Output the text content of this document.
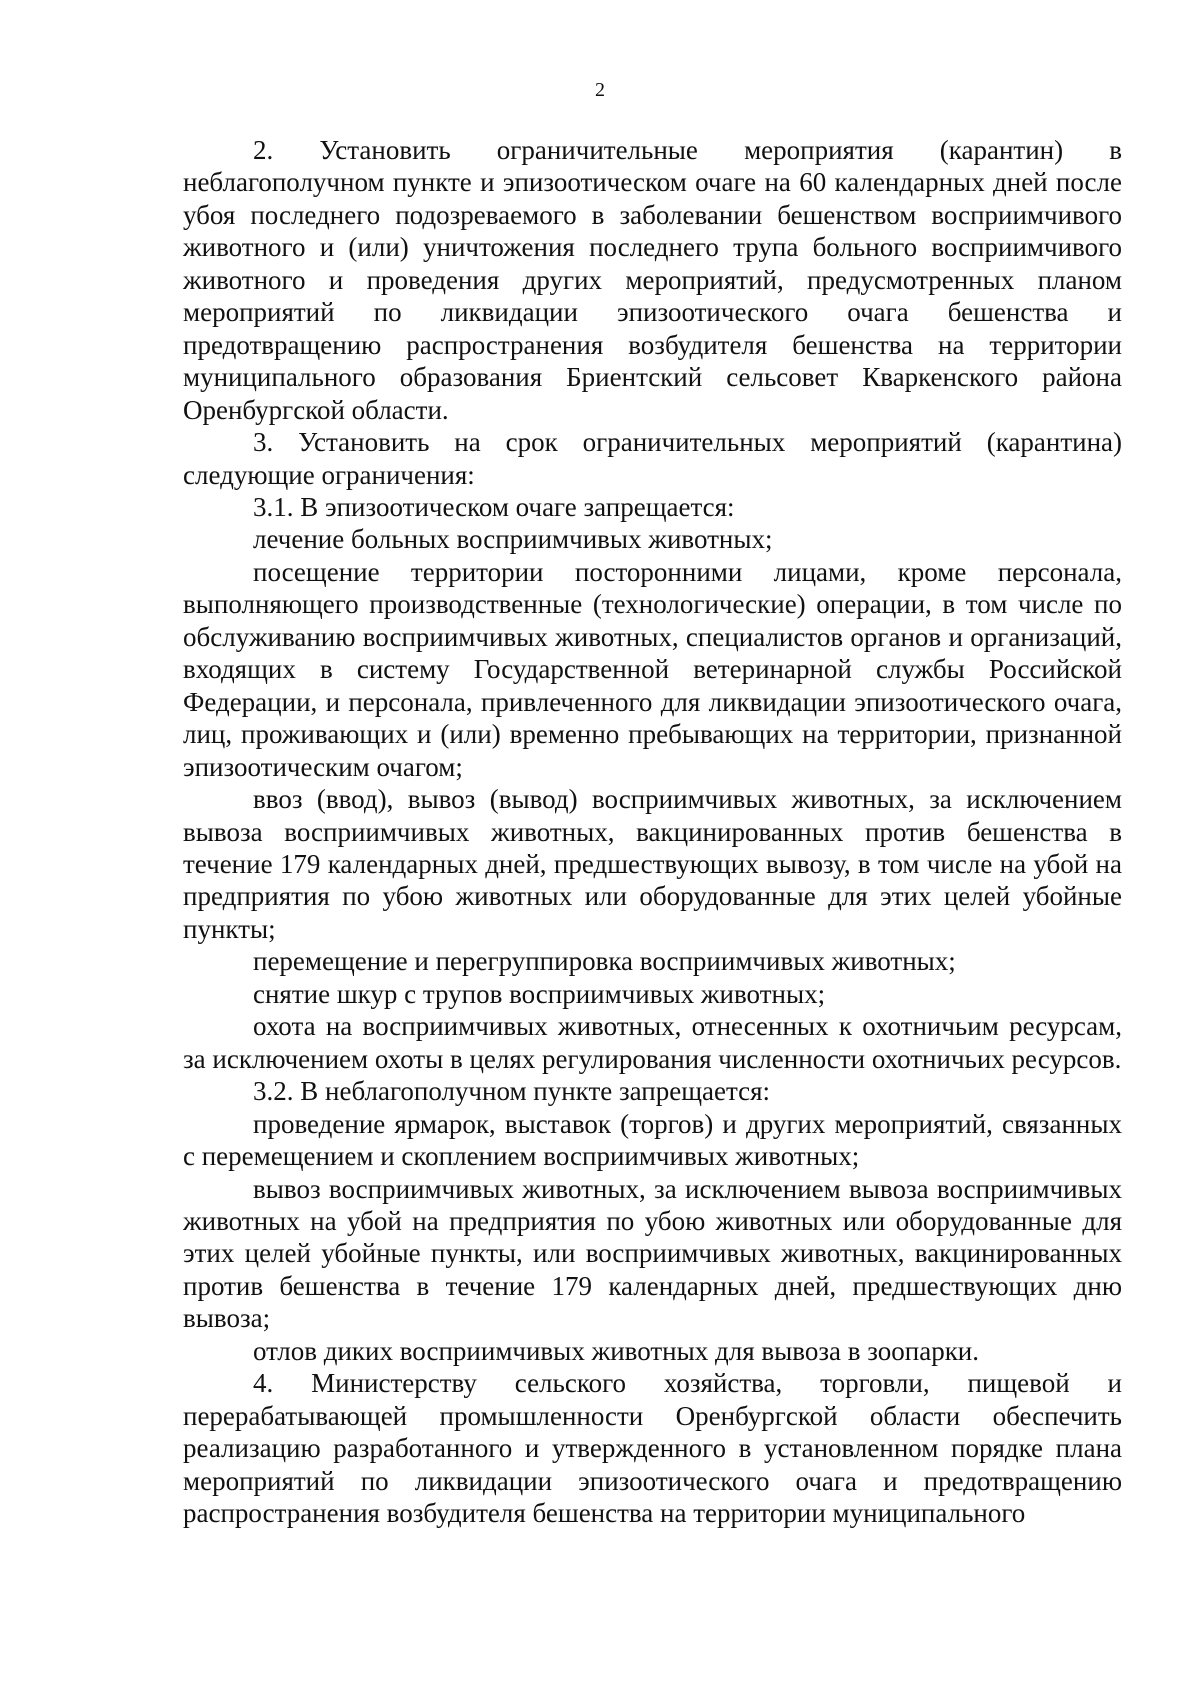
2

2. Установить ограничительные мероприятия (карантин) в неблагополучном пункте и эпизоотическом очаге на 60 календарных дней после убоя последнего подозреваемого в заболевании бешенством восприимчивого животного и (или) уничтожения последнего трупа больного восприимчивого животного и проведения других мероприятий, предусмотренных планом мероприятий по ликвидации эпизоотического очага бешенства и предотвращению распространения возбудителя бешенства на территории муниципального образования Бриентский сельсовет Кваркенского района Оренбургской области.

3. Установить на срок ограничительных мероприятий (карантина) следующие ограничения:

3.1. В эпизоотическом очаге запрещается:

лечение больных восприимчивых животных;

посещение территории посторонними лицами, кроме персонала, выполняющего производственные (технологические) операции, в том числе по обслуживанию восприимчивых животных, специалистов органов и организаций, входящих в систему Государственной ветеринарной службы Российской Федерации, и персонала, привлеченного для ликвидации эпизоотического очага, лиц, проживающих и (или) временно пребывающих на территории, признанной эпизоотическим очагом;

ввоз (ввод), вывоз (вывод) восприимчивых животных, за исключением вывоза восприимчивых животных, вакцинированных против бешенства в течение 179 календарных дней, предшествующих вывозу, в том числе на убой на предприятия по убою животных или оборудованные для этих целей убойные пункты;

перемещение и перегруппировка восприимчивых животных;

снятие шкур с трупов восприимчивых животных;

охота на восприимчивых животных, отнесенных к охотничьим ресурсам, за исключением охоты в целях регулирования численности охотничьих ресурсов.

3.2. В неблагополучном пункте запрещается:

проведение ярмарок, выставок (торгов) и других мероприятий, связанных с перемещением и скоплением восприимчивых животных;

вывоз восприимчивых животных, за исключением вывоза восприимчивых животных на убой на предприятия по убою животных или оборудованные для этих целей убойные пункты, или восприимчивых животных, вакцинированных против бешенства в течение 179 календарных дней, предшествующих дню вывоза;

отлов диких восприимчивых животных для вывоза в зоопарки.

4. Министерству сельского хозяйства, торговли, пищевой и перерабатывающей промышленности Оренбургской области обеспечить реализацию разработанного и утвержденного в установленном порядке плана мероприятий по ликвидации эпизоотического очага и предотвращению распространения возбудителя бешенства на территории муниципального
